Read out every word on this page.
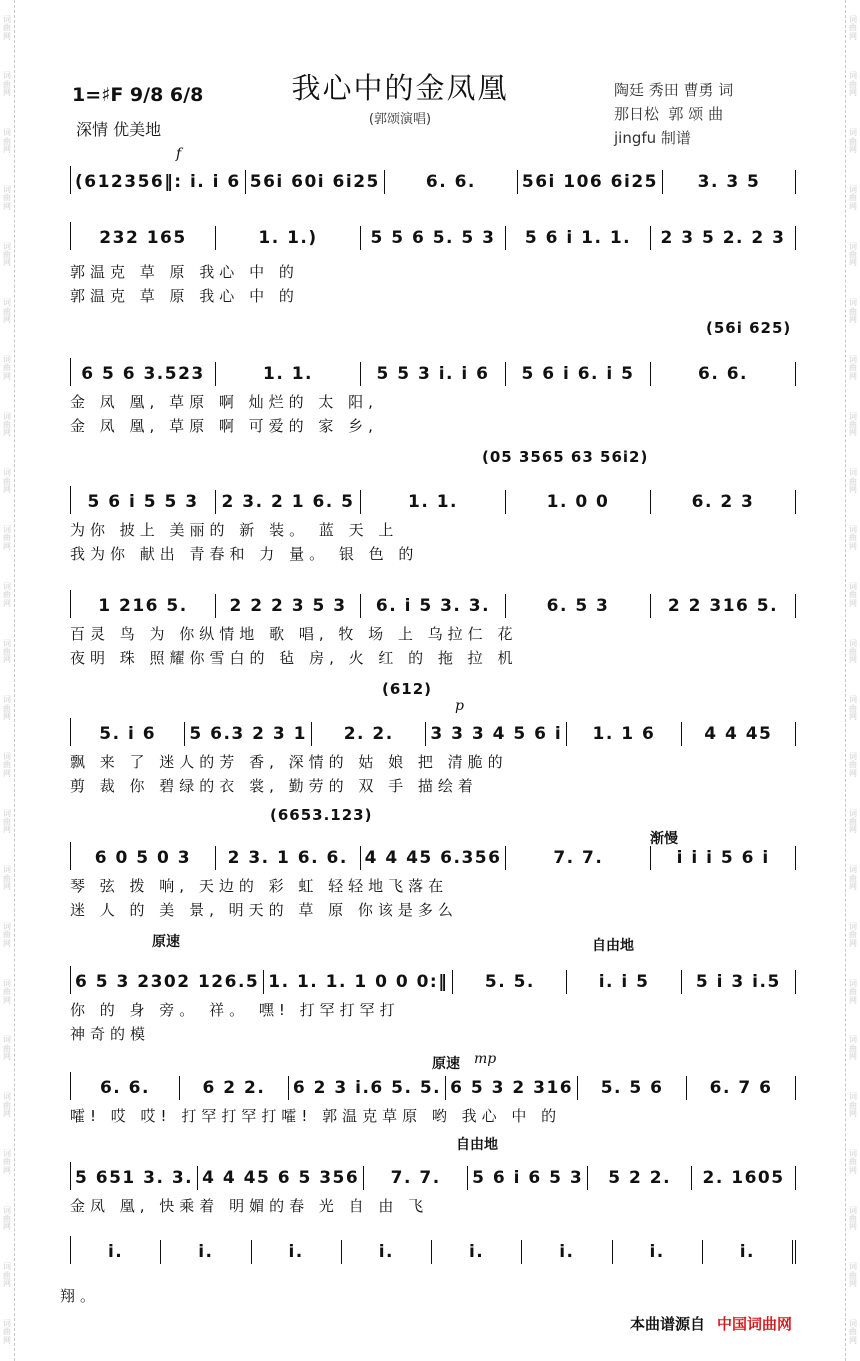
词
曲
网
词
曲
网
词
曲
网
词
曲
网
词
曲
网
词
曲
网
词
曲
网
词
曲
网
词
曲
网
词
曲
网
词
曲
网
词
曲
网
词
曲
网
词
曲
网
词
曲
网
词
曲
网
词
曲
网
词
曲
网
词
曲
网
词
曲
网
词
曲
网
词
曲
网
词
曲
网
词
曲
网
词
曲
网
词
曲
网
词
曲
网
词
曲
网
词
曲
网
词
曲
网
词
曲
网
词
曲
网
词
曲
网
词
曲
网
词
曲
网
词
曲
网
词
曲
网
词
曲
网
词
曲
网
词
曲
网
词
曲
网
词
曲
网
词
曲
网
词
曲
网
词
曲
网
词
曲
网
词
曲
网
词
曲
网
1=♯F 9/8 6/8
深情 优美地
我心中的金凤凰
(郭颂演唱)
陶廷 秀田 曹勇 词
那日松  郭 颂 曲
jingfu 制谱
(612356‖: i. i 6 56i 60i 6i25	6. 6.	56i 106 6i25	3. 3 5
232 165	1. 1.)	5 5 6 5. 5 3	5 6 i 1. 1.	2 3 5 2. 2 3
郭温克 草 原 我心 中 的
郭温克 草 原 我心 中 的
6 5 6 3.523	1. 1.	5 5 3 i. i 6	5 6 i 6. i 5	6. 6.
金 凤 凰, 草原 啊 灿烂的 太 阳,
金 凤 凰, 草原 啊 可爱的 家 乡,
5 6 i 5 5 3	2 3. 2 1 6. 5	1. 1.	1. 0 0	6. 2 3
为你 披上 美丽的 新 装。 蓝 天 上
我为你 献出 青春和 力 量。 银 色 的
1 216 5.	2 2 2 3 5 3	6. i 5 3. 3.	6. 5 3	2 2 316 5.
百灵 鸟 为 你纵情地 歌 唱, 牧 场 上 乌拉仁 花
夜明 珠 照耀你雪白的 毡 房, 火 红 的 拖 拉 机
5. i 6	5 6.3 2 3 1	2. 2.	3 3 3 4 5 6 i	1. 1 6	4 4 45
飘 来 了 迷人的芳 香, 深情的 姑 娘 把 清脆的
剪 裁 你 碧绿的衣 裳, 勤劳的 双 手 描绘着
6 0 5 0 3	2 3. 1 6. 6. 4 4 45 6.356	7. 7.	i i i 5 6 i
琴 弦 拨 响, 天边的 彩 虹 轻轻地飞落在
迷 人 的 美 景, 明天的 草 原 你该是多么
6 5 3 2302 126.5 1. 1. 1. 1 0 0 0:‖	5. 5.	i. i 5	5 i 3 i.5
你 的 身 旁。 祥。 嘿! 打罕打罕打
神奇的模
6. 6.	6 2 2.	6 2 3 i.6 5. 5. 6 5 3 2 316	5. 5 6	6. 7 6
嚯! 哎 哎! 打罕打罕打嚯! 郭温克草原 哟 我心 中 的
5 651 3. 3. 4 4 45 6 5 356	7. 7.	5 6 i 6 5 3	5 2 2.	2. 1605
金凤 凰, 快乘着 明媚的春 光 自 由 飞
i.	i.	i.	i.	i.	i.	i.	i.
翔。
f
p
渐慢
原速	自由地
原速 mp
自由地
(56i 625)
(05 3565 63 56i2)
(612)
(6653.123)
本曲谱源自 中国词曲网
